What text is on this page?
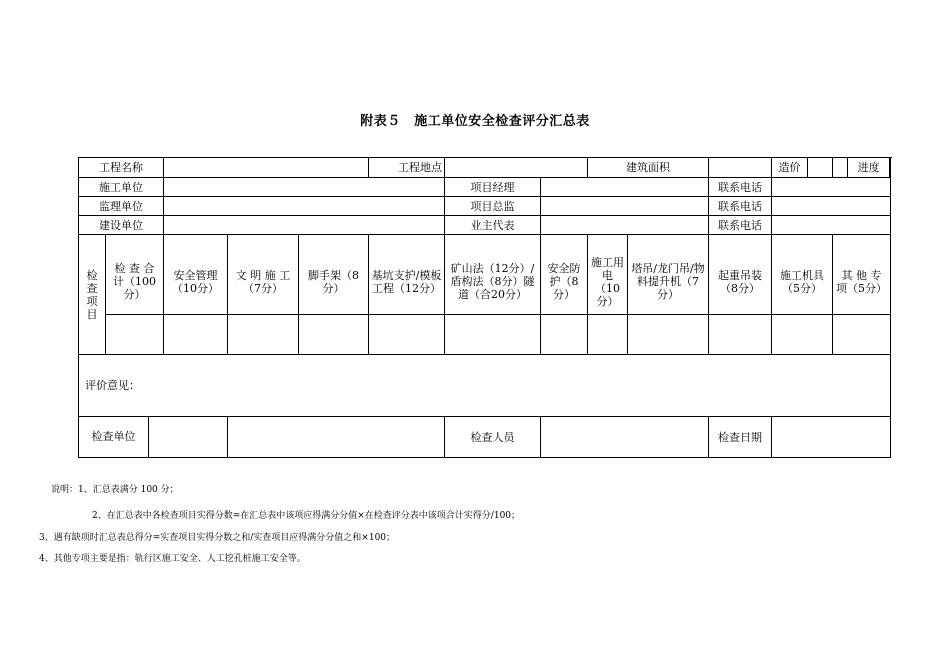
附表５　施工单位安全检查评分汇总表
工程名称					工程地点			建筑面积			造价	进度

施工单位						项目经理				联系电话		
监理单位						项目总监				联系电话		
建设单位						业主代表				联系电话		
检查项目	检 查 合 计（100分）	安全管理（10分）	文 明 施 工（7分）	脚手架（8分）	基坑支护/模板工程（12分）	矿山法（12分）/盾构法（8分）隧道（合20分）	安全防护（8分）	施工用电（10分）	塔吊/龙门吊/物料提升机（7分）	起重吊装（8分）	施工机具（5分）	其 他 专 项（5分）

评价意见：												

检查单位						检查人员				检查日期		
说明：1、汇总表满分 100 分；
2、在汇总表中各检查项目实得分数=在汇总表中该项应得满分分值×在检查评分表中该项合计实得分/100；
3、遇有缺项时汇总表总得分=实查项目实得分数之和/实查项目应得满分分值之和×100；
4、其他专项主要是指：轨行区施工安全、人工挖孔桩施工安全等。
